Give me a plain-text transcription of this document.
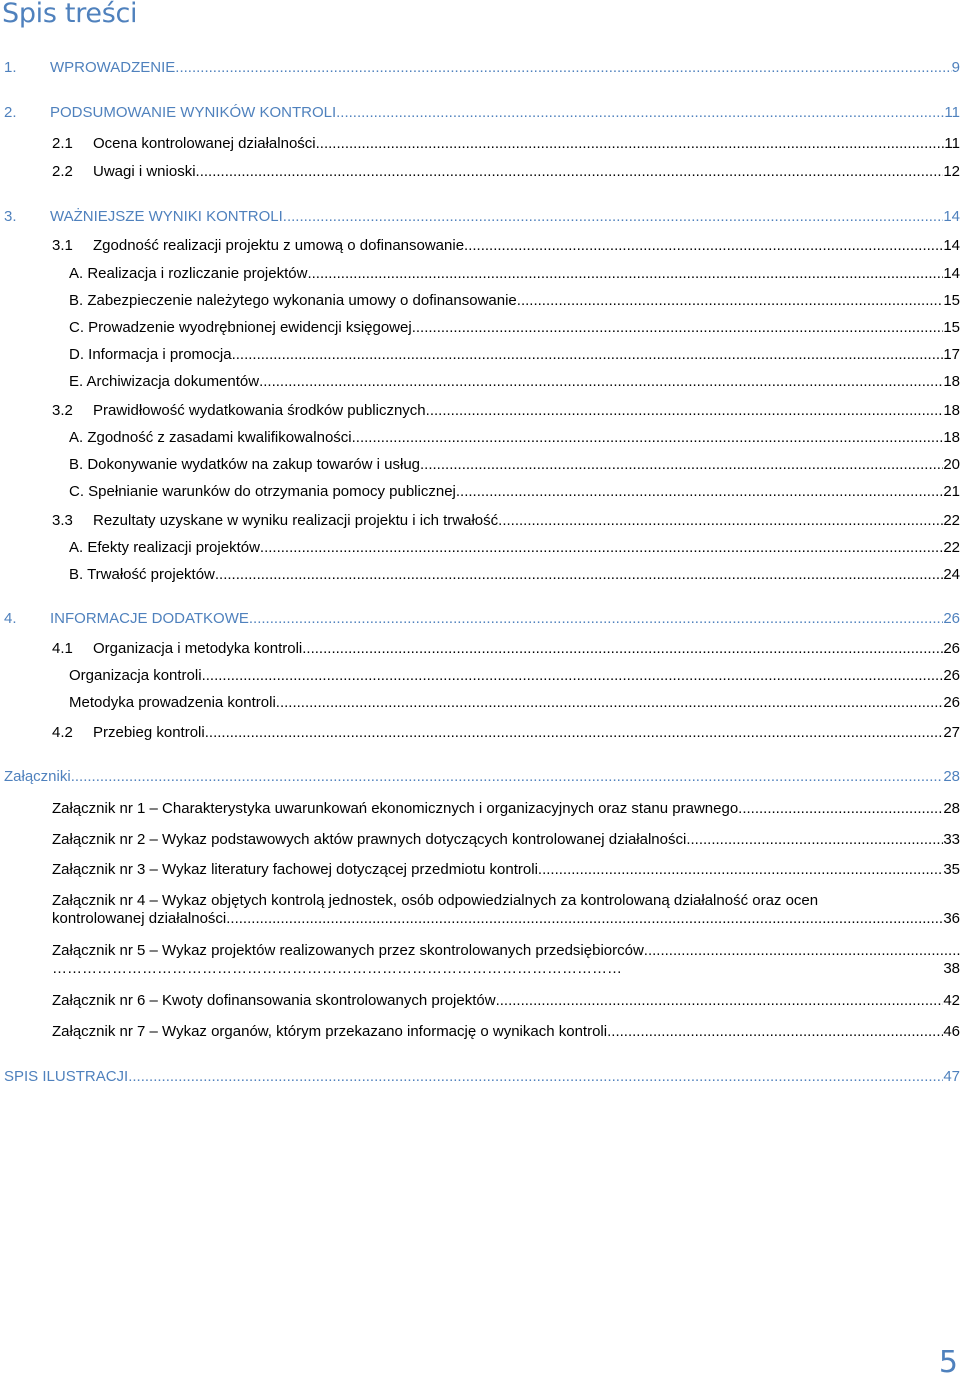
Spis treści
1. WPROWADZENIE .....	9
2. PODSUMOWANIE WYNIKÓW KONTROLI .....	11
2.1 Ocena kontrolowanej działalności .....	11
2.2 Uwagi i wnioski .....	12
3. WAŻNIEJSZE WYNIKI KONTROLI .....	14
3.1 Zgodność realizacji projektu z umową o dofinansowanie .....	14
A. Realizacja i rozliczanie projektów .....	14
B. Zabezpieczenie należytego wykonania umowy o dofinansowanie .....	15
C. Prowadzenie wyodrębnionej ewidencji księgowej .....	15
D. Informacja i promocja .....	17
E. Archiwizacja dokumentów .....	18
3.2 Prawidłowość wydatkowania środków publicznych .....	18
A. Zgodność z zasadami kwalifikowalności .....	18
B. Dokonywanie wydatków na zakup towarów i usług .....	20
C. Spełnianie warunków do otrzymania pomocy publicznej .....	21
3.3 Rezultaty uzyskane w wyniku realizacji projektu i ich trwałość .....	22
A. Efekty realizacji projektów .....	22
B. Trwałość projektów .....	24
4. INFORMACJE DODATKOWE .....	26
4.1 Organizacja i metodyka kontroli .....	26
Organizacja kontroli .....	26
Metodyka prowadzenia kontroli .....	26
4.2 Przebieg kontroli .....	27
Załączniki .....	28
Załącznik nr 1 – Charakterystyka uwarunkowań ekonomicznych i organizacyjnych oraz stanu prawnego .....	28
Załącznik nr 2 – Wykaz podstawowych aktów prawnych dotyczących kontrolowanej działalności .....	33
Załącznik nr 3 – Wykaz literatury fachowej dotyczącej przedmiotu kontroli .....	35
Załącznik nr 4 – Wykaz objętych kontrolą jednostek, osób odpowiedzialnych za kontrolowaną działalność oraz ocen
kontrolowanej działalności .....	36
Załącznik nr 5 – Wykaz projektów realizowanych przez skontrolowanych przedsiębiorców
.....
……………………………………………………………………………………………………	38
Załącznik nr 6 – Kwoty dofinansowania skontrolowanych projektów .....	42
Załącznik nr 7 – Wykaz organów, którym przekazano informację o wynikach kontroli .....	46
SPIS ILUSTRACJI .....	47
5
